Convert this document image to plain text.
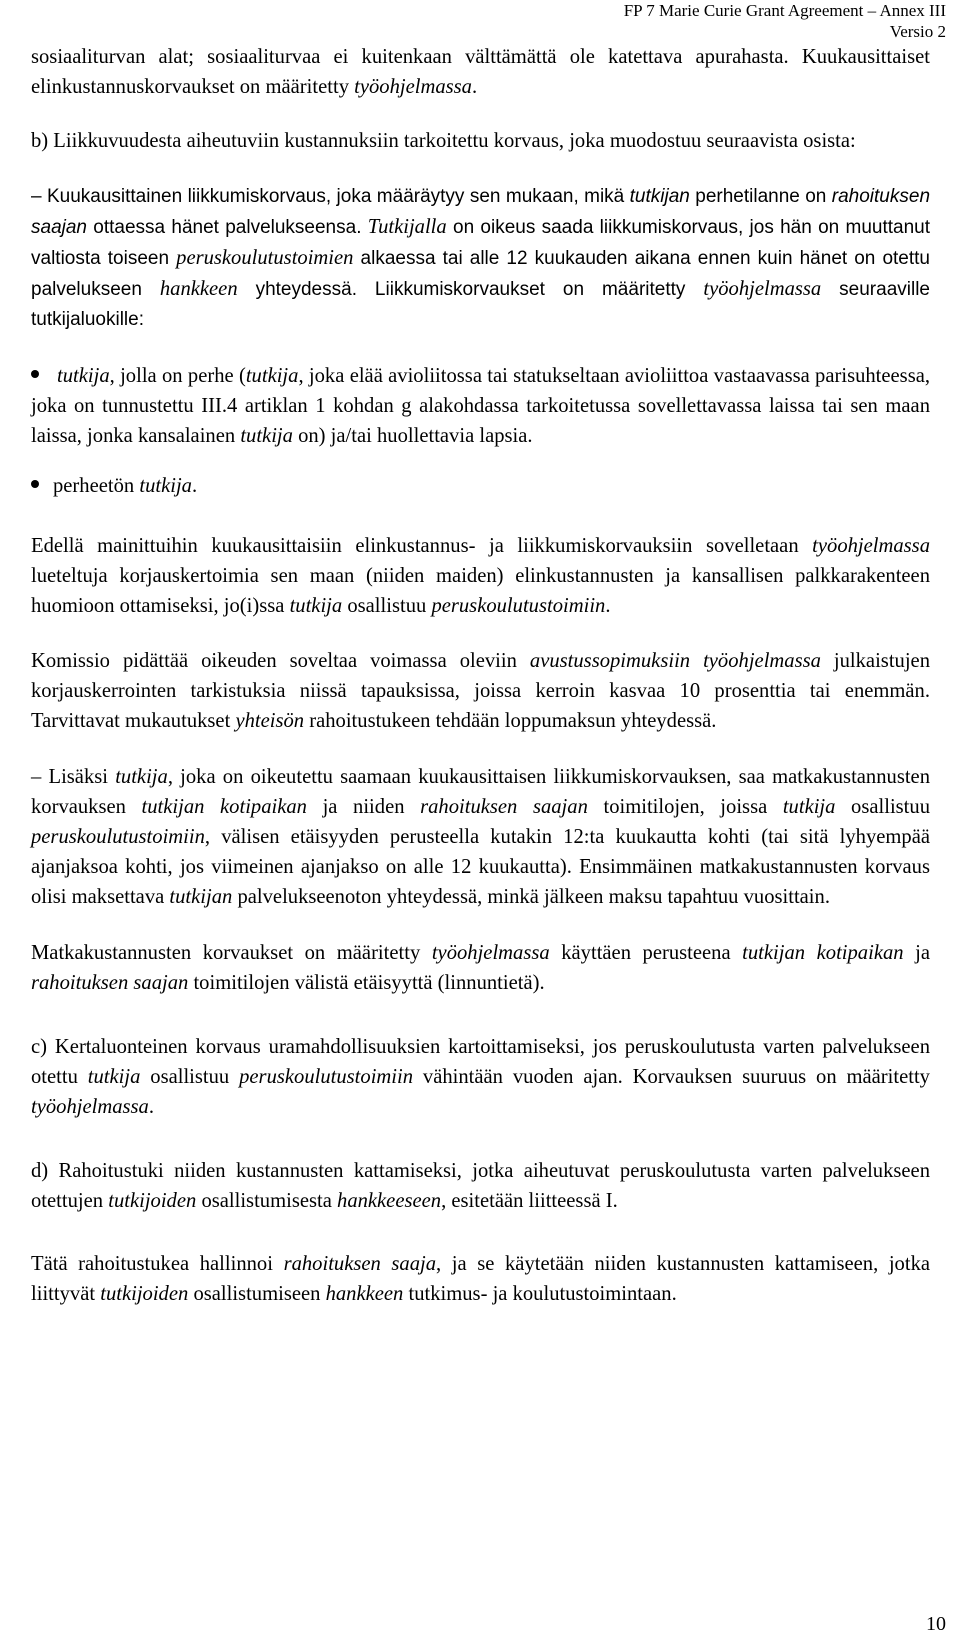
FP 7 Marie Curie Grant Agreement – Annex III
Versio 2

sosiaaliturvan alat; sosiaaliturvaa ei kuitenkaan välttämättä ole katettava apurahasta. Kuukausittaiset elinkustannuskorvaukset on määritetty työohjelmassa.

b) Liikkuvuudesta aiheutuviin kustannuksiin tarkoitettu korvaus, joka muodostuu seuraavista osista:

– Kuukausittainen liikkumiskorvaus, joka määräytyy sen mukaan, mikä tutkijan perhetilanne on rahoituksen saajan ottaessa hänet palvelukseensa. Tutkijalla on oikeus saada liikkumiskorvaus, jos hän on muuttanut valtiosta toiseen peruskoulutustoimien alkaessa tai alle 12 kuukauden aikana ennen kuin hänet on otettu palvelukseen hankkeen yhteydessä. Liikkumiskorvaukset on määritetty työohjelmassa seuraaville tutkijaluokille:

tutkija, jolla on perhe (tutkija, joka elää avioliitossa tai statukseltaan avioliittoa vastaavassa parisuhteessa, joka on tunnustettu III.4 artiklan 1 kohdan g alakohdassa tarkoitetussa sovellettavassa laissa tai sen maan laissa, jonka kansalainen tutkija on) ja/tai huollettavia lapsia.

perheetön tutkija.

Edellä mainittuihin kuukausittaisiin elinkustannus- ja liikkumiskorvauksiin sovelletaan työohjelmassa lueteltuja korjauskertoimia sen maan (niiden maiden) elinkustannusten ja kansallisen palkkarakenteen huomioon ottamiseksi, jo(i)ssa tutkija osallistuu peruskoulutustoimiin.

Komissio pidättää oikeuden soveltaa voimassa oleviin avustussopimuksiin työohjelmassa julkaistujen korjauskerrointen tarkistuksia niissä tapauksissa, joissa kerroin kasvaa 10 prosenttia tai enemmän. Tarvittavat mukautukset yhteisön rahoitustukeen tehdään loppumaksun yhteydessä.

– Lisäksi tutkija, joka on oikeutettu saamaan kuukausittaisen liikkumiskorvauksen, saa matkakustannusten korvauksen tutkijan kotipaikan ja niiden rahoituksen saajan toimitilojen, joissa tutkija osallistuu peruskoulutustoimiin, välisen etäisyyden perusteella kutakin 12:ta kuukautta kohti (tai sitä lyhyempää ajanjaksoa kohti, jos viimeinen ajanjakso on alle 12 kuukautta). Ensimmäinen matkakustannusten korvaus olisi maksettava tutkijan palvelukseenoton yhteydessä, minkä jälkeen maksu tapahtuu vuosittain.

Matkakustannusten korvaukset on määritetty työohjelmassa käyttäen perusteena tutkijan kotipaikan ja rahoituksen saajan toimitilojen välistä etäisyyttä (linnuntietä).

c) Kertaluonteinen korvaus uramahdollisuuksien kartoittamiseksi, jos peruskoulutusta varten palvelukseen otettu tutkija osallistuu peruskoulutustoimiin vähintään vuoden ajan. Korvauksen suuruus on määritetty työohjelmassa.

d) Rahoitustuki niiden kustannusten kattamiseksi, jotka aiheutuvat peruskoulutusta varten palvelukseen otettujen tutkijoiden osallistumisesta hankkeeseen, esitetään liitteessä I.

Tätä rahoitustukea hallinnoi rahoituksen saaja, ja se käytetään niiden kustannusten kattamiseen, jotka liittyvät tutkijoiden osallistumiseen hankkeen tutkimus- ja koulutustoimintaan.

10
